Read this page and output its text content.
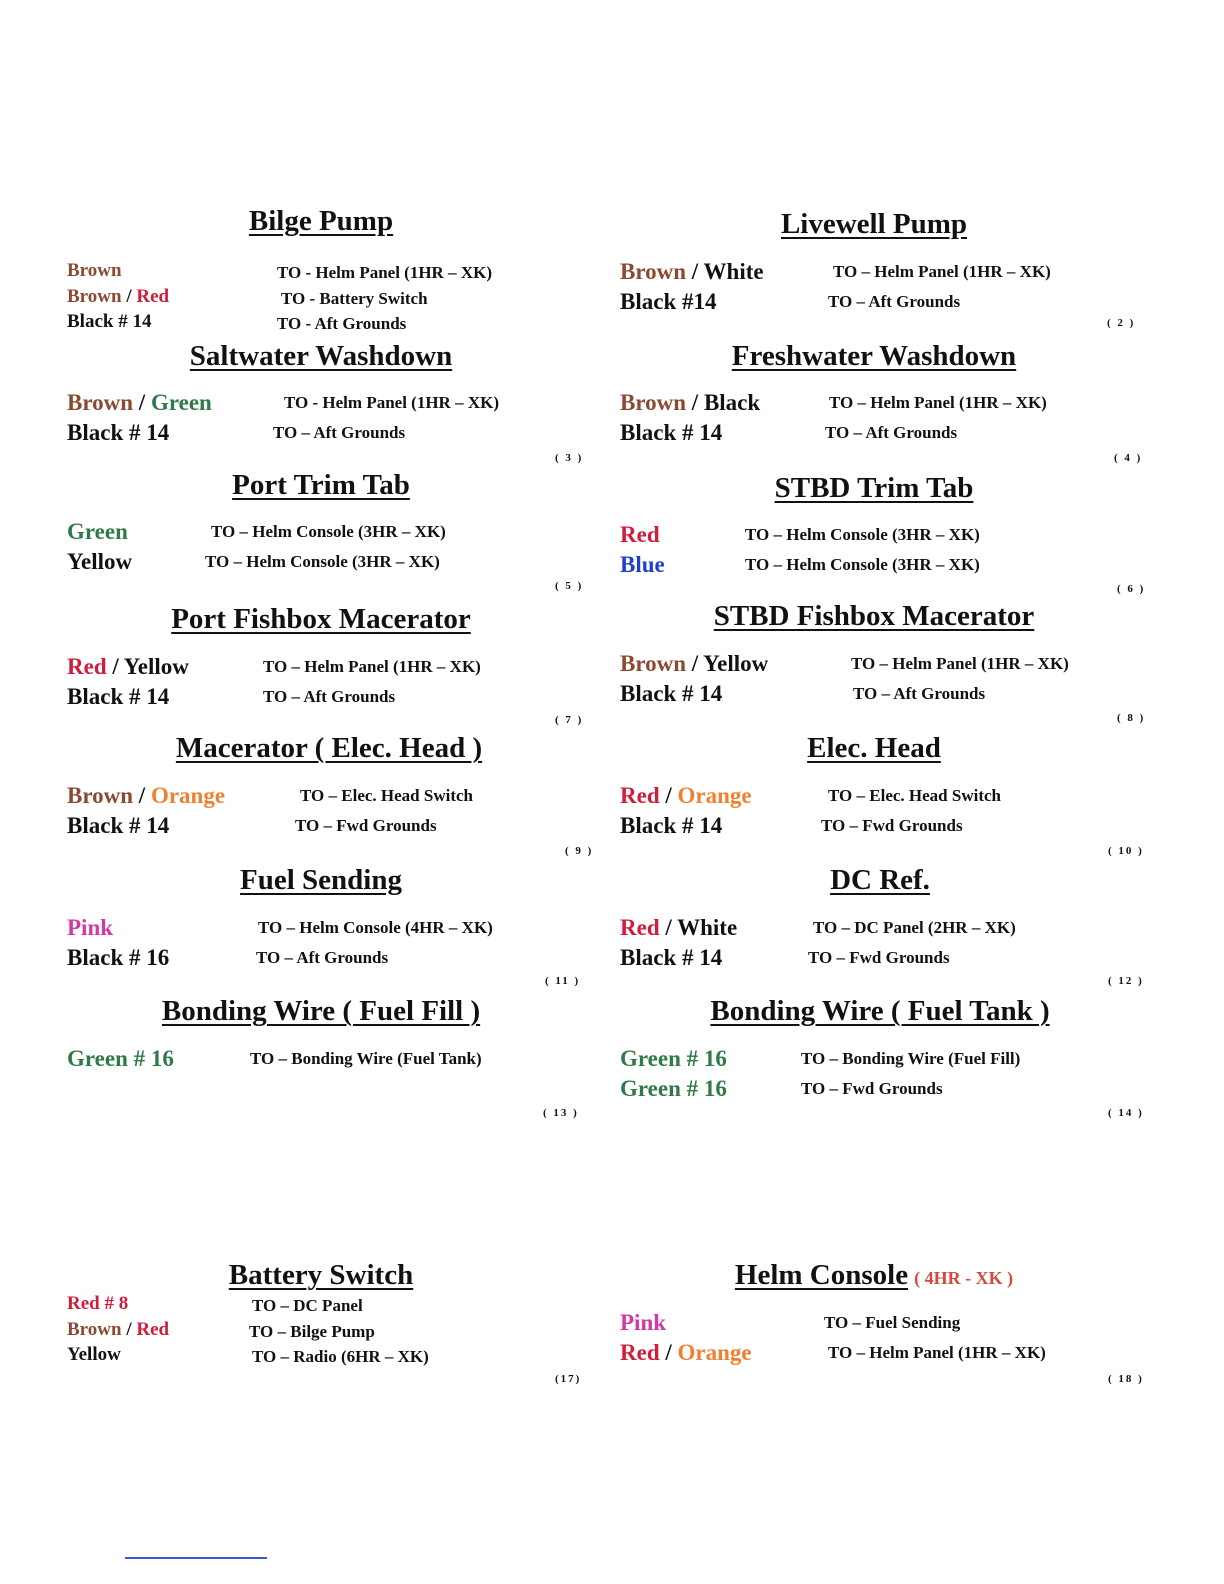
Bilge Pump
Brown	TO - Helm Panel (1HR – XK)
Brown / Red	TO - Battery Switch
Black # 14	TO - Aft Grounds
Livewell Pump
Brown / White	TO – Helm Panel (1HR – XK)
Black #14	TO – Aft Grounds
( 2 )
Saltwater Washdown
Brown / Green	TO - Helm Panel (1HR – XK)
Black # 14	TO – Aft Grounds
( 3 )
Freshwater Washdown
Brown / Black	TO – Helm Panel (1HR – XK)
Black # 14	TO – Aft Grounds
( 4 )
Port Trim Tab
Green	TO – Helm Console (3HR – XK)
Yellow	TO – Helm Console (3HR – XK)
( 5 )
STBD Trim Tab
Red	TO – Helm Console (3HR – XK)
Blue	TO – Helm Console (3HR – XK)
( 6 )
Port Fishbox Macerator
Red / Yellow	TO – Helm Panel (1HR – XK)
Black # 14	TO – Aft Grounds
( 7 )
STBD Fishbox Macerator
Brown / Yellow	TO – Helm Panel (1HR – XK)
Black # 14	TO – Aft Grounds
( 8 )
Macerator ( Elec. Head )
Brown / Orange	TO – Elec. Head Switch
Black # 14	TO – Fwd Grounds
( 9 )
Elec. Head
Red / Orange	TO – Elec. Head Switch
Black # 14	TO – Fwd Grounds
( 10 )
Fuel Sending
Pink	TO – Helm Console (4HR – XK)
Black # 16	TO – Aft Grounds
( 11 )
DC Ref.
Red / White	TO – DC Panel (2HR – XK)
Black # 14	TO – Fwd Grounds
( 12 )
Bonding Wire ( Fuel Fill )
Green # 16	TO – Bonding Wire (Fuel Tank)
( 13 )
Bonding Wire ( Fuel Tank )
Green # 16	TO – Bonding Wire (Fuel Fill)
Green # 16	TO – Fwd Grounds
( 14 )
Battery Switch
Red # 8	TO – DC Panel
Brown / Red	TO – Bilge Pump
Yellow	TO – Radio (6HR – XK)
(17)
Helm Console ( 4HR - XK )
Pink	TO – Fuel Sending
Red / Orange	TO – Helm Panel (1HR – XK)
( 18 )
